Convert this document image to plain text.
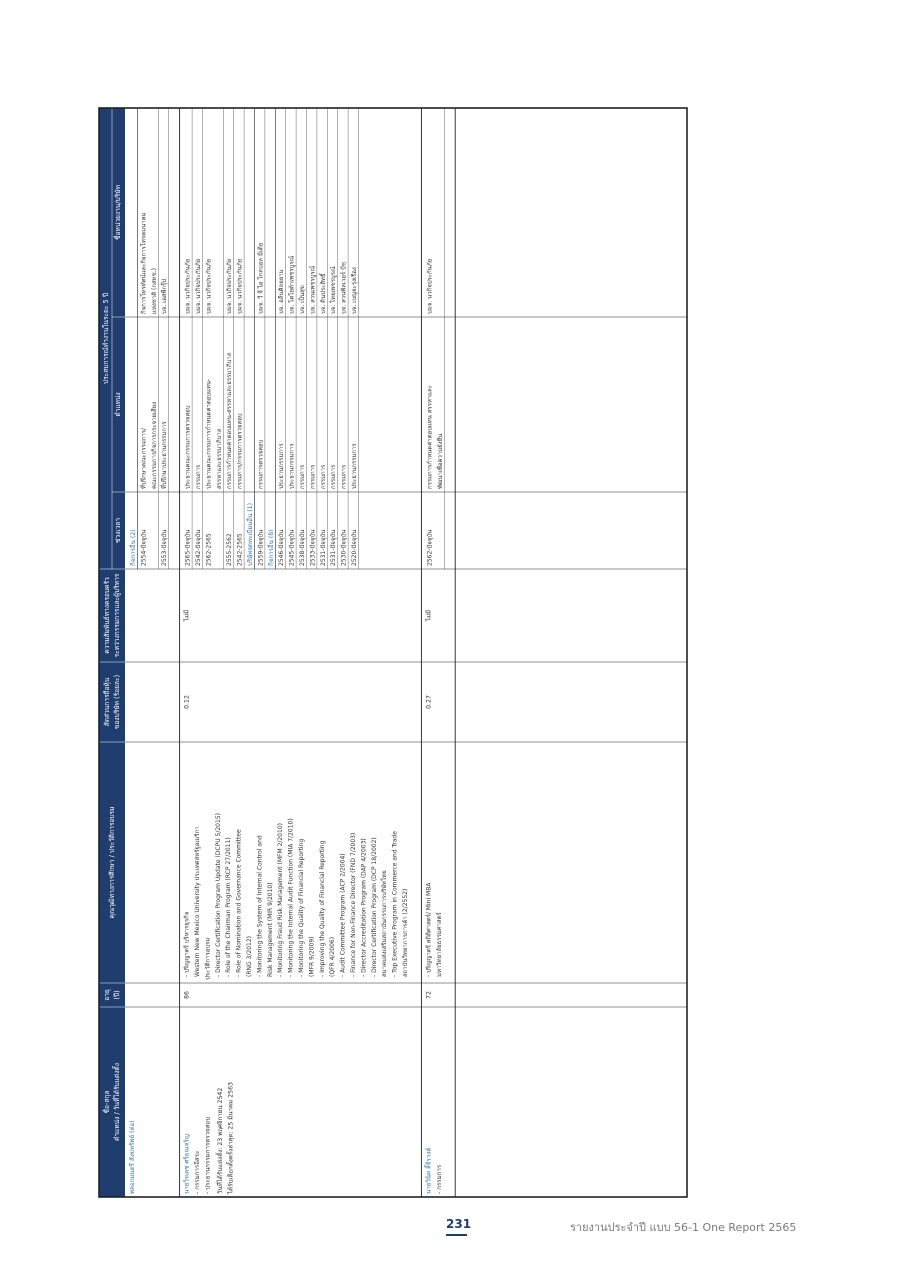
ชื่อ-สกุล ตำแหน่ง / วันที่ได้รับแต่งตั้ง
อายุ (ปี)
คุณวุฒิทางการศึกษา / ประวัติการอบรม
สัดส่วนการถือหุ้น ของบริษัท (ร้อยละ)
ความสัมพันธ์ทางครอบครัว ระหว่างกรรมการและผู้บริหาร
ประสบการณ์ทำงานในระยะ 5 ปี
ช่วงเวลา
ตำแหน่ง
ชื่อหน่วยงาน/บริษัท
พลอกมนตรี สังขทรัพย์ (ต่อ)
กิจการอื่น (2) 2554-ปัจจุบัน
ที่ปรึกษาคณะกรรมการ/ คณะกรรมการกิจการกระจายเสียง
กิจการโทรทัศน์และกิจการโทรคมนาคม แห่งชาติ (กสทช.)
2553-ปัจจุบัน
ที่ปรึกษาประธานกรรมการ
บจ. เอสพีกรุ๊ป
นายวีรเดช ศรีธนเจริญ - กรรมการอิสระ - ประธานกรรมการตรวจสอบ วันที่ได้รับแต่งตั้ง: 23 พฤศจิกายน 2542 ได้รับเลือกตั้งครั้งล่าสุด: 25 มีนาคม 2563
86
0.12
ไม่มี
- ปริญญาตรี บริหารธุรกิจ Western New Mexico University ประเทศสหรัฐอเมริกา ประวัติการอบรม - Director Certification Program Update (DCPU 5/2015) - Role of the Chairman Program (RCP 27/2011) - Role of Nomination and Governance Committee (RNG 3/2012) - Monitoring the System of Internal Control and Risk Management (MIR 9/2010) - Monitoring Fraud Risk Management (MFM 2/2010) - Monitoring the Internal Audit Function (MIA 7/2010) - Monitoring the Quality of Financial Reporting (MFR 9/2009) - Improving the Quality of Financial Reporting (QFR 4/2006) - Audit Committee Program (ACP 2/2004) - Finance for Non-Finance Director (FND 7/2003) - Director Accreditation Program (DAP 4/2003) - Director Certification Program (DCP 18/2002) สมาคมส่งเสริมสถาบันกรรมการบริษัทไทย - Top Executive Program in Commerce and Trade สถาบันวิทยาการการค้า (2/2552)
2565-ปัจจุบัน
ประธานคณะกรรมการตรวจสอบ
บมจ. นวกิจประกันภัย
2542-ปัจจุบัน
กรรมการ
บมจ. นวกิจประกันภัย
2562-2565
ประธานคณะกรรมการกำหนดค่าตอบแทน- สรรหาและธรรมาภิบาล
บมจ. นวกิจประกันภัย
2555-2562
กรรมการกำหนดค่าตอบแทน-สรรหาและธรรมาภิบาล
บมจ. นวกิจประกันภัย
2542-2565
กรรมการ/กรรมการตรวจสอบ
บมจ. นวกิจประกันภัย
บริษัทจดทะเบียนอื่น (1) 2559-ปัจจุบัน
กรรมการตรวจสอบ
บมจ. วี จี ไอ โกลบอล มีเดีย
กิจการอื่น (8) 2546-ปัจจุบัน
ประธานกรรมการ
บจ. อลีนคิลยยาม
2545-ปัจจุบัน
ประธานกรรมการ
บจ. โตโยต้าเพชรบูรณ์
2538-ปัจจุบัน
กรรมการ
บจ. เป็นสุข
2533-ปัจจุบัน
กรรมการ
บจ. สวนเพชรบูรณ์
2531-ปัจจุบัน
กรรมการ
บจ. ดินประสิทธิ์
2531-ปัจจุบัน
กรรมการ
บจ. ไทยเพชรบูรณ์
2530-ปัจจุบัน
กรรมการ
บจ. สวนพิลเวอร์ บีช
2520-ปัจจุบัน
ประธานกรรมการ
บจ. เบญจะรุ่งเรือง
นายวินิต ลี้จีรวงค์ - กรรมการ
72
0.27
ไม่มี
- ปริญญาตรี สถิติศาสตร์/ Mini MBA มหาวิทยาลัยธรรมศาสตร์
2562-ปัจจุบัน
กรรมการกำหนดค่าตอบแทน สรรหาและ พัฒนาเพื่อความยั่งยืน
บมจ. นวกิจประกันภัย
231	รายงานประจำปี แบบ 56-1 One Report 2565
